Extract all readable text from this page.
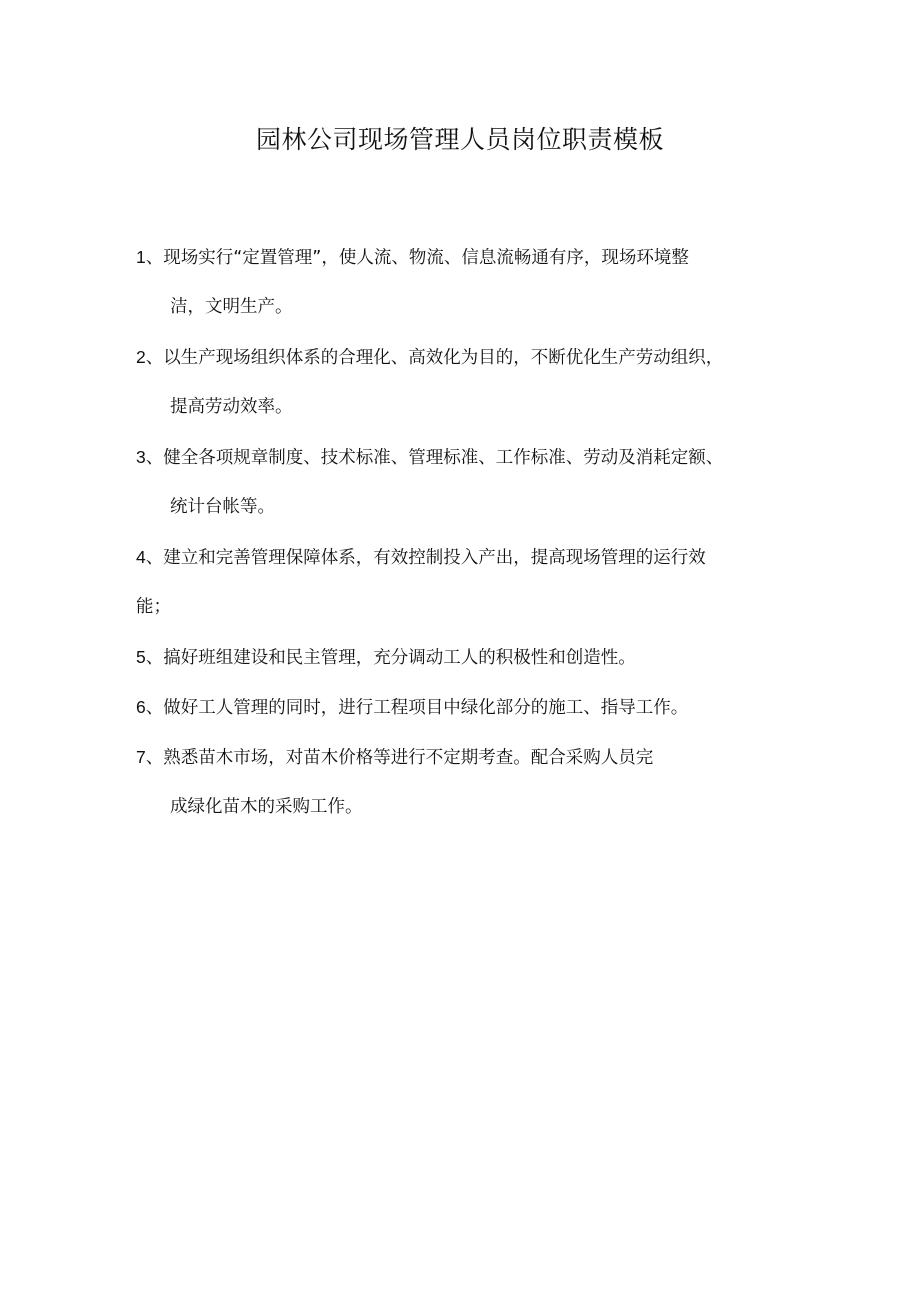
园林公司现场管理人员岗位职责模板
1、现场实行“定置管理”，使人流、物流、信息流畅通有序，现场环境整
洁，文明生产。
2、以生产现场组织体系的合理化、高效化为目的，不断优化生产劳动组织，
提高劳动效率。
3、健全各项规章制度、技术标准、管理标准、工作标准、劳动及消耗定额、
统计台帐等。
4、建立和完善管理保障体系，有效控制投入产出，提高现场管理的运行效
能；
5、搞好班组建设和民主管理，充分调动工人的积极性和创造性。
6、做好工人管理的同时，进行工程项目中绿化部分的施工、指导工作。
7、熟悉苗木市场，对苗木价格等进行不定期考查。配合采购人员完
成绿化苗木的采购工作。
